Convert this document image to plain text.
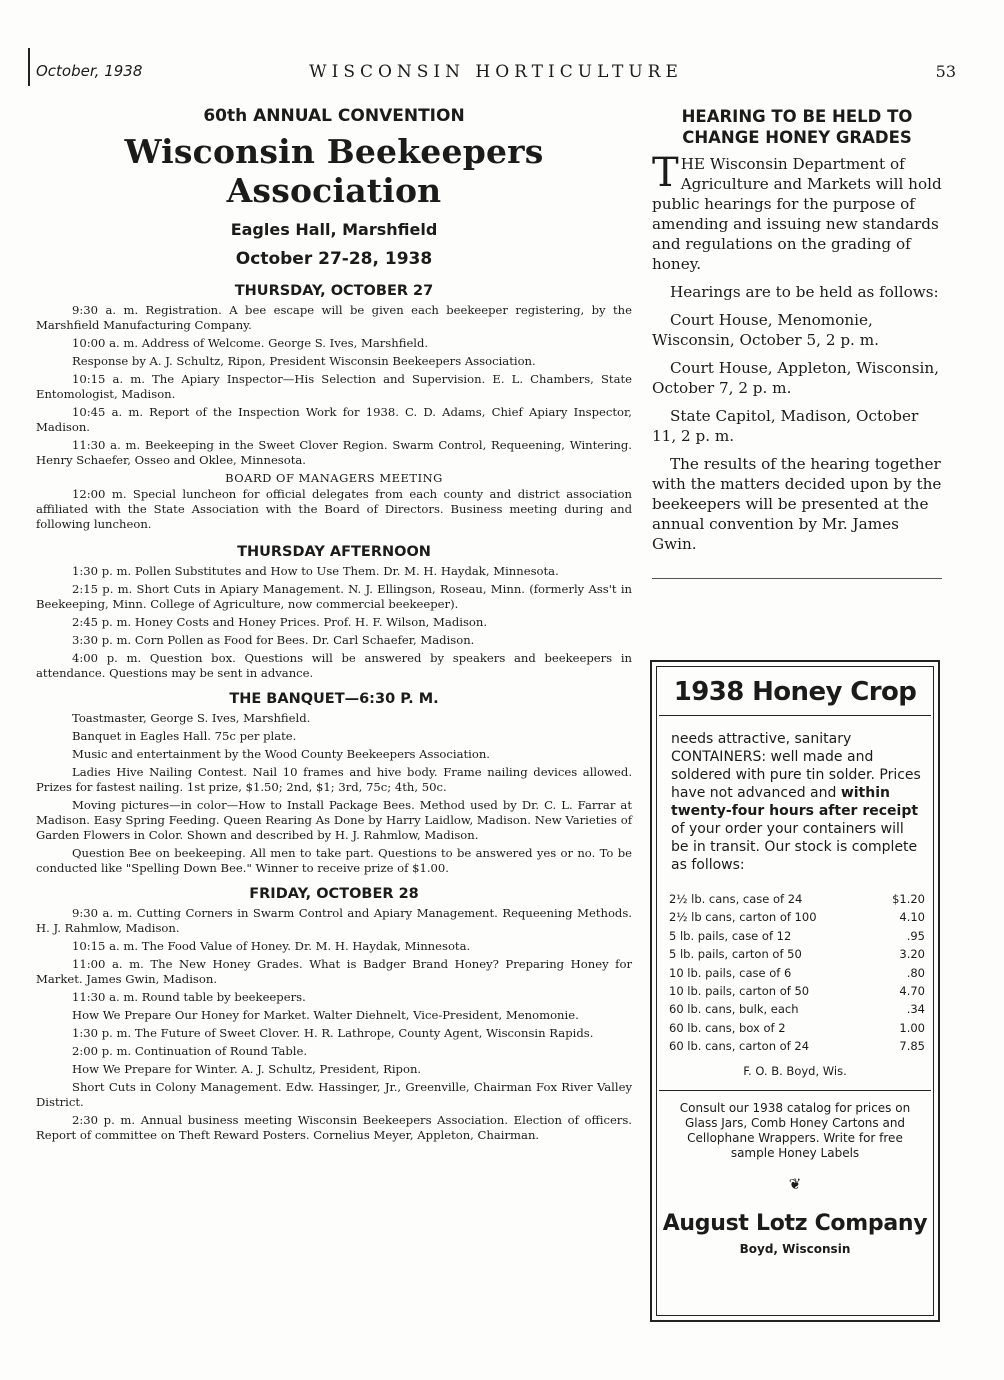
October, 1938	WISCONSIN HORTICULTURE	53
60th ANNUAL CONVENTION
Wisconsin Beekeepers Association
Eagles Hall, Marshfield
October 27-28, 1938
THURSDAY, OCTOBER 27

9:30 a. m. Registration. A bee escape will be given each beekeeper registering, by the Marshfield Manufacturing Company.

10:00 a. m. Address of Welcome. George S. Ives, Marshfield.

Response by A. J. Schultz, Ripon, President Wisconsin Beekeepers Association.

10:15 a. m. The Apiary Inspector—His Selection and Supervision. E. L. Chambers, State Entomologist, Madison.

10:45 a. m. Report of the Inspection Work for 1938. C. D. Adams, Chief Apiary Inspector, Madison.

11:30 a. m. Beekeeping in the Sweet Clover Region. Swarm Control, Requeening, Wintering. Henry Schaefer, Osseo and Oklee, Minnesota.

BOARD OF MANAGERS MEETING

12:00 m. Special luncheon for official delegates from each county and district association affiliated with the State Association with the Board of Directors. Business meeting during and following luncheon.

THURSDAY AFTERNOON

1:30 p. m. Pollen Substitutes and How to Use Them. Dr. M. H. Haydak, Minnesota.

2:15 p. m. Short Cuts in Apiary Management. N. J. Ellingson, Roseau, Minn. (formerly Ass't in Beekeeping, Minn. College of Agriculture, now commercial beekeeper).

2:45 p. m. Honey Costs and Honey Prices. Prof. H. F. Wilson, Madison.

3:30 p. m. Corn Pollen as Food for Bees. Dr. Carl Schaefer, Madison.

4:00 p. m. Question box. Questions will be answered by speakers and beekeepers in attendance. Questions may be sent in advance.

THE BANQUET—6:30 P. M.

Toastmaster, George S. Ives, Marshfield.

Banquet in Eagles Hall. 75c per plate.

Music and entertainment by the Wood County Beekeepers Association.

Ladies Hive Nailing Contest. Nail 10 frames and hive body. Frame nailing devices allowed. Prizes for fastest nailing. 1st prize, $1.50; 2nd, $1; 3rd, 75c; 4th, 50c.

Moving pictures—in color—How to Install Package Bees. Method used by Dr. C. L. Farrar at Madison. Easy Spring Feeding. Queen Rearing As Done by Harry Laidlow, Madison. New Varieties of Garden Flowers in Color. Shown and described by H. J. Rahmlow, Madison.

Question Bee on beekeeping. All men to take part. Questions to be answered yes or no. To be conducted like "Spelling Down Bee." Winner to receive prize of $1.00.

FRIDAY, OCTOBER 28

9:30 a. m. Cutting Corners in Swarm Control and Apiary Management. Requeening Methods. H. J. Rahmlow, Madison.

10:15 a. m. The Food Value of Honey. Dr. M. H. Haydak, Minnesota.

11:00 a. m. The New Honey Grades. What is Badger Brand Honey? Preparing Honey for Market. James Gwin, Madison.

11:30 a. m. Round table by beekeepers.

How We Prepare Our Honey for Market. Walter Diehnelt, Vice-President, Menomonie.

1:30 p. m. The Future of Sweet Clover. H. R. Lathrope, County Agent, Wisconsin Rapids.

2:00 p. m. Continuation of Round Table.

How We Prepare for Winter. A. J. Schultz, President, Ripon.

Short Cuts in Colony Management. Edw. Hassinger, Jr., Greenville, Chairman Fox River Valley District.

2:30 p. m. Annual business meeting Wisconsin Beekeepers Association. Election of officers. Report of committee on Theft Reward Posters. Cornelius Meyer, Appleton, Chairman.

HEARING TO BE HELD TO CHANGE HONEY GRADES

THE Wisconsin Department of Agriculture and Markets will hold public hearings for the purpose of amending and issuing new standards and regulations on the grading of honey.

Hearings are to be held as follows:

Court House, Menomonie, Wisconsin, October 5, 2 p. m.

Court House, Appleton, Wisconsin, October 7, 2 p. m.

State Capitol, Madison, October 11, 2 p. m.

The results of the hearing together with the matters decided upon by the beekeepers will be presented at the annual convention by Mr. James Gwin.

1938 Honey Crop
needs attractive, sanitary CONTAINERS: well made and soldered with pure tin solder. Prices have not advanced and within twenty-four hours after receipt of your order your containers will be in transit. Our stock is complete as follows:
2½ lb. cans, case of 24	$1.20
2½ lb cans, carton of 100	4.10
5 lb. pails, case of 12	.95
5 lb. pails, carton of 50	3.20
10 lb. pails, case of 6	.80
10 lb. pails, carton of 50	4.70
60 lb. cans, bulk, each	.34
60 lb. cans, box of 2	1.00
60 lb. cans, carton of 24	7.85
F. O. B. Boyd, Wis.
Consult our 1938 catalog for prices on Glass Jars, Comb Honey Cartons and Cellophane Wrappers. Write for free sample Honey Labels
❦
August Lotz Company
Boyd, Wisconsin
